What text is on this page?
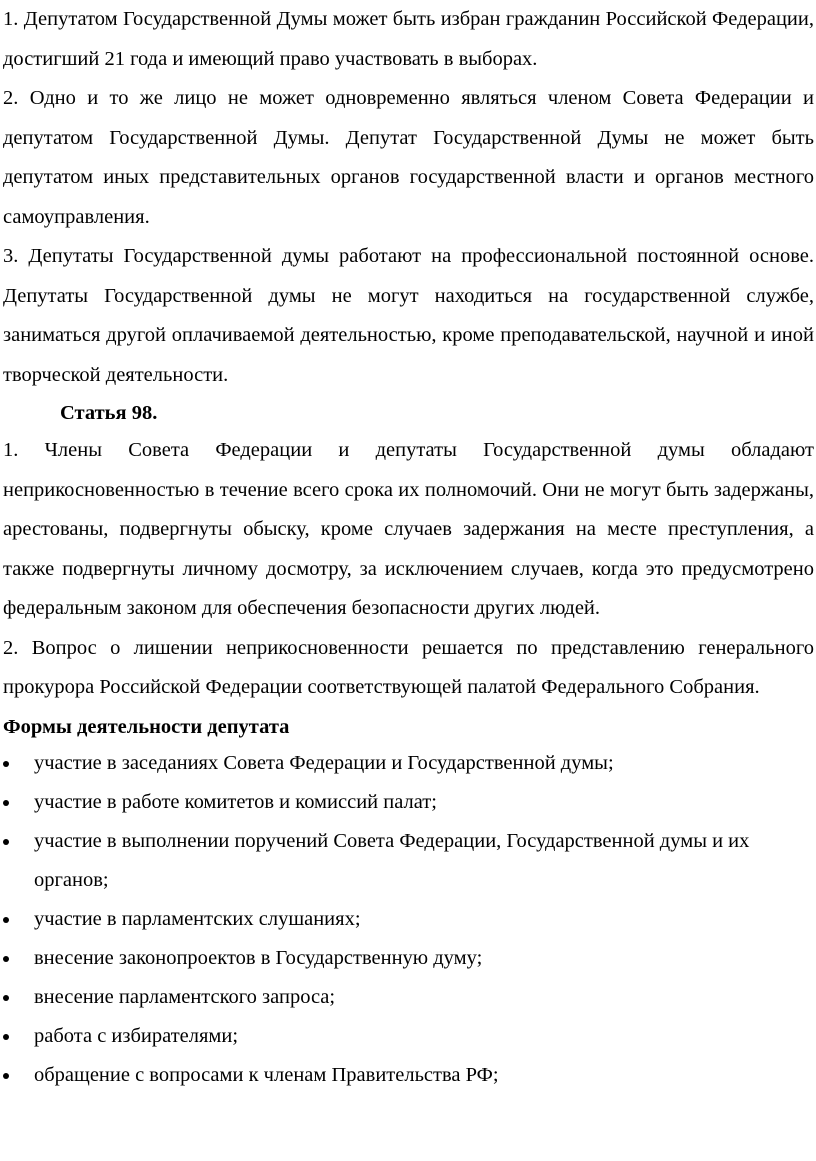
1. Депутатом Государственной Думы может быть избран гражданин Российской Федерации, достигший 21 года и имеющий право участвовать в выборах.

2. Одно и то же лицо не может одновременно являться членом Совета Федерации и депутатом Государственной Думы. Депутат Государственной Думы не может быть депутатом иных представительных органов государственной власти и органов местного самоуправления.

3. Депутаты Государственной думы работают на профессиональной постоянной основе. Депутаты Государственной думы не могут находиться на государственной службе, заниматься другой оплачиваемой деятельностью, кроме преподавательской, научной и иной творческой деятельности.

Статья 98.

1. Члены Совета Федерации и депутаты Государственной думы обладают неприкосновенностью в течение всего срока их полномочий. Они не могут быть задержаны, арестованы, подвергнуты обыску, кроме случаев задержания на месте преступления, а также подвергнуты личному досмотру, за исключением случаев, когда это предусмотрено федеральным законом для обеспечения безопасности других людей.

2. Вопрос о лишении неприкосновенности решается по представлению генерального прокурора Российской Федерации соответствующей палатой Федерального Собрания.

Формы деятельности депутата

участие в заседаниях Совета Федерации и Государственной думы;
участие в работе комитетов и комиссий палат;
участие в выполнении поручений Совета Федерации, Государственной думы и их органов;
участие в парламентских слушаниях;
внесение законопроектов в Государственную думу;
внесение парламентского запроса;
работа с избирателями;
обращение с вопросами к членам Правительства РФ;
